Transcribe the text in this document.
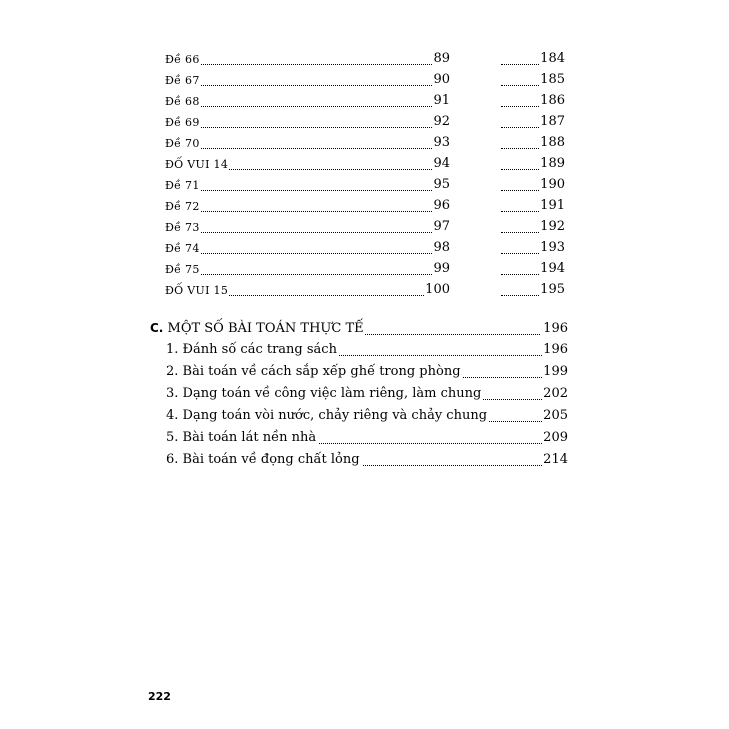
Đề 66	89	184
Đề 67	90	185
Đề 68	91	186
Đề 69	92	187
Đề 70	93	188
ĐỐ VUI 14	94	189
Đề 71	95	190
Đề 72	96	191
Đề 73	97	192
Đề 74	98	193
Đề 75	99	194
ĐỐ VUI 15	100	195
C. MỘT SỐ BÀI TOÁN THỰC TẾ	196
1. Đánh số các trang sách	196
2. Bài toán về cách sắp xếp ghế trong phòng	199
3. Dạng toán về công việc làm riêng, làm chung	202
4. Dạng toán vòi nước, chảy riêng và chảy chung	205
5. Bài toán lát nền nhà	209
6. Bài toán về đọng chất lỏng	214
222
